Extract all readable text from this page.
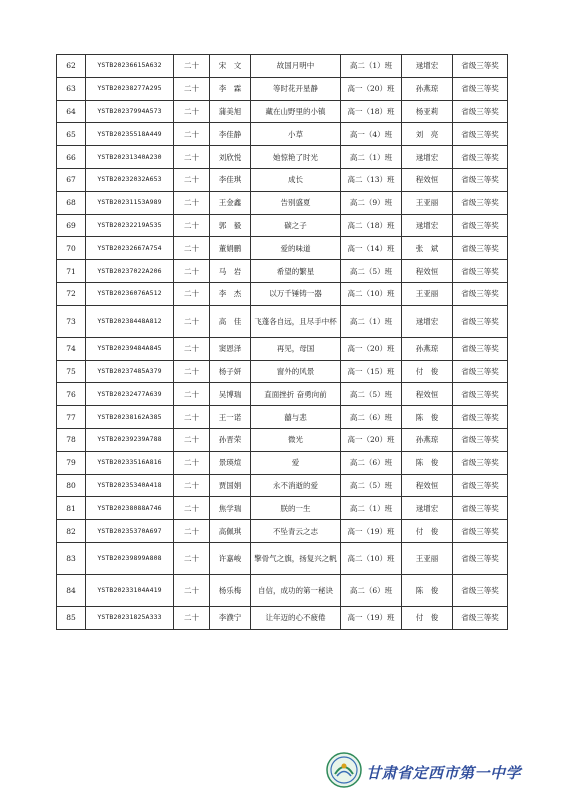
62	YSTB20236615A632	二十	宋　文	故国月明中	高二（1）班	逯增宏	省级三等奖
63	YSTB20238277A295	二十	李　霖	等时花开星静	高一（20）班	孙燕琼	省级三等奖
64	YSTB20237994A573	二十	蒲美旭	藏在山野里的小镇	高一（18）班	杨亚莉	省级三等奖
65	YSTB20235518A449	二十	李佳静	小草	高一（4）班	刘　亮	省级三等奖
66	YSTB20231340A230	二十	刘欣悦	她惊艳了时光	高二（1）班	逯增宏	省级三等奖
67	YSTB20232032A653	二十	李佳琪	成长	高二（13）班	程效恒	省级三等奖
68	YSTB20231153A989	二十	王金鑫	告别盛夏	高二（9）班	王亚丽	省级三等奖
69	YSTB20232219A535	二十	郭　毅	碳之子	高二（18）班	逯增宏	省级三等奖
70	YSTB20232667A754	二十	董娟鹏	爱的味道	高一（14）班	张　斌	省级三等奖
71	YSTB20237022A206	二十	马　岩	希望的繁星	高二（5）班	程效恒	省级三等奖
72	YSTB20236076A512	二十	李　杰	以万千锤铸一器	高二（10）班	王亚丽	省级三等奖
73	YSTB20238448A812	二十	高　佳	飞蓬各自远，且尽手中杯	高二（1）班	逯增宏	省级三等奖
74	YSTB20239484A845	二十	窦恩泽	再见，母国	高一（20）班	孙燕琼	省级三等奖
75	YSTB20237485A379	二十	杨子妍	窗外的风景	高一（15）班	付　俊	省级三等奖
76	YSTB20232477A639	二十	吴博瑞	直面挫折 奋勇向前	高二（5）班	程效恒	省级三等奖
77	YSTB20238162A385	二十	王一诺	囍与悲	高二（6）班	陈　俊	省级三等奖
78	YSTB20239239A788	二十	孙晋荣	微光	高一（20）班	孙燕琼	省级三等奖
79	YSTB20233516A816	二十	景瑛煊	爱	高二（6）班	陈　俊	省级三等奖
80	YSTB20235340A418	二十	贾国娟	永不消逝的爱	高二（5）班	程效恒	省级三等奖
81	YSTB20238088A746	二十	焦学瑞	朕的一生	高二（1）班	逯增宏	省级三等奖
82	YSTB20235370A697	二十	高佩琪	不坠青云之志	高一（19）班	付　俊	省级三等奖
83	YSTB20239899A808	二十	许嘉峻	擎骨气之旗，扬复兴之帆	高二（10）班	王亚丽	省级三等奖
84	YSTB20233104A419	二十	杨乐梅	自信，成功的第一秘诀	高二（6）班	陈　俊	省级三等奖
85	YSTB20231825A333	二十	李濮宁	让年迈的心不疲倦	高一（19）班	付　俊	省级三等奖
甘肃省定西市第一中学
